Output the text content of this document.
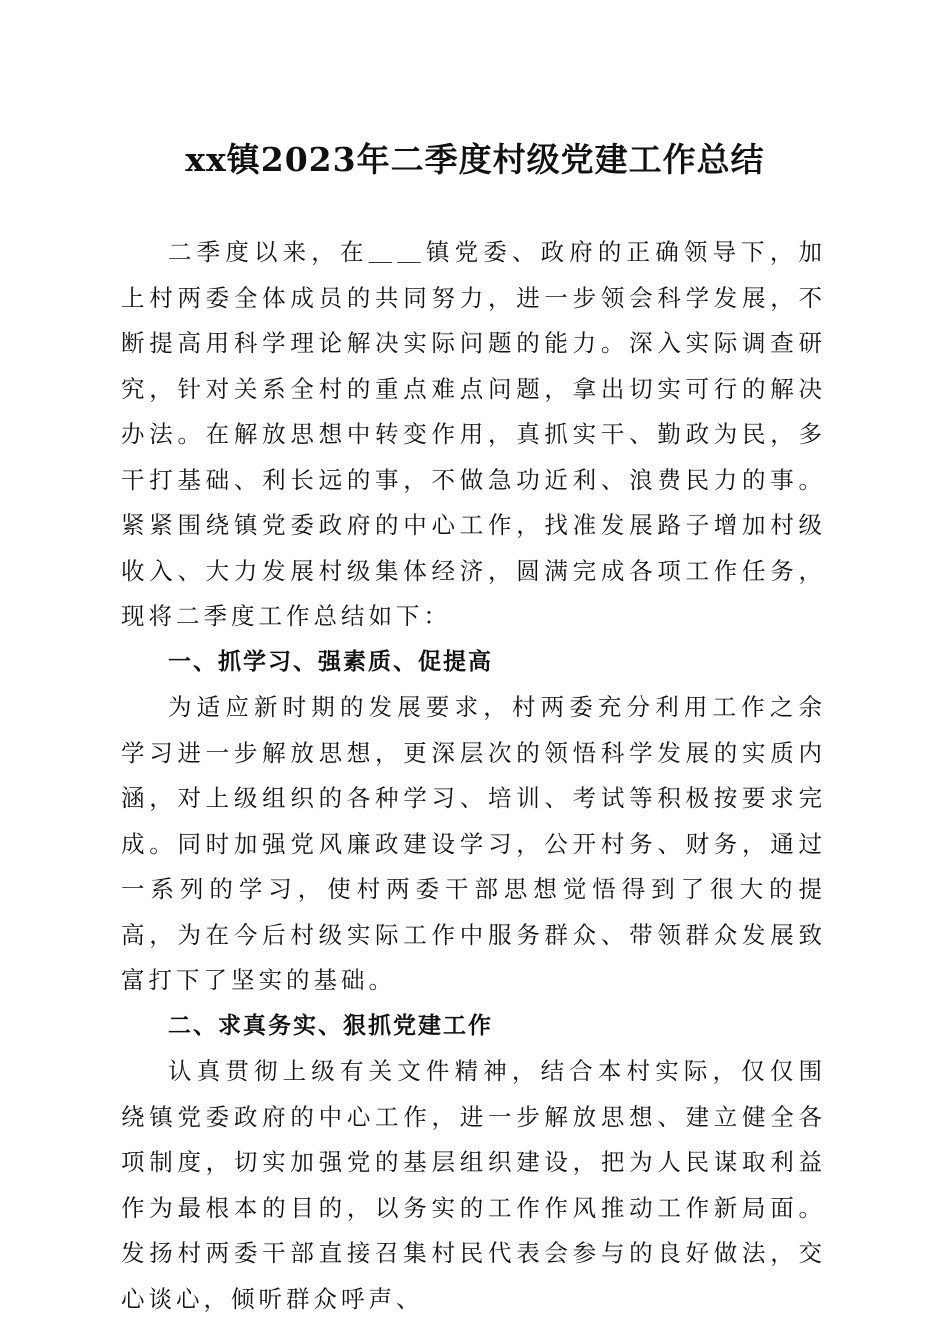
xx镇2023年二季度村级党建工作总结

二季度以来，在＿＿镇党委、政府的正确领导下，加上村两委全体成员的共同努力，进一步领会科学发展，不断提高用科学理论解决实际问题的能力。深入实际调查研究，针对关系全村的重点难点问题，拿出切实可行的解决办法。在解放思想中转变作用，真抓实干、勤政为民，多干打基础、利长远的事，不做急功近利、浪费民力的事。紧紧围绕镇党委政府的中心工作，找准发展路子增加村级收入、大力发展村级集体经济，圆满完成各项工作任务，现将二季度工作总结如下：

一、抓学习、强素质、促提高

为适应新时期的发展要求，村两委充分利用工作之余学习进一步解放思想，更深层次的领悟科学发展的实质内涵，对上级组织的各种学习、培训、考试等积极按要求完成。同时加强党风廉政建设学习，公开村务、财务，通过一系列的学习，使村两委干部思想觉悟得到了很大的提高，为在今后村级实际工作中服务群众、带领群众发展致富打下了坚实的基础。

二、求真务实、狠抓党建工作

认真贯彻上级有关文件精神，结合本村实际，仅仅围绕镇党委政府的中心工作，进一步解放思想、建立健全各项制度，切实加强党的基层组织建设，把为人民谋取利益作为最根本的目的，以务实的工作作风推动工作新局面。发扬村两委干部直接召集村民代表会参与的良好做法，交心谈心，倾听群众呼声、
